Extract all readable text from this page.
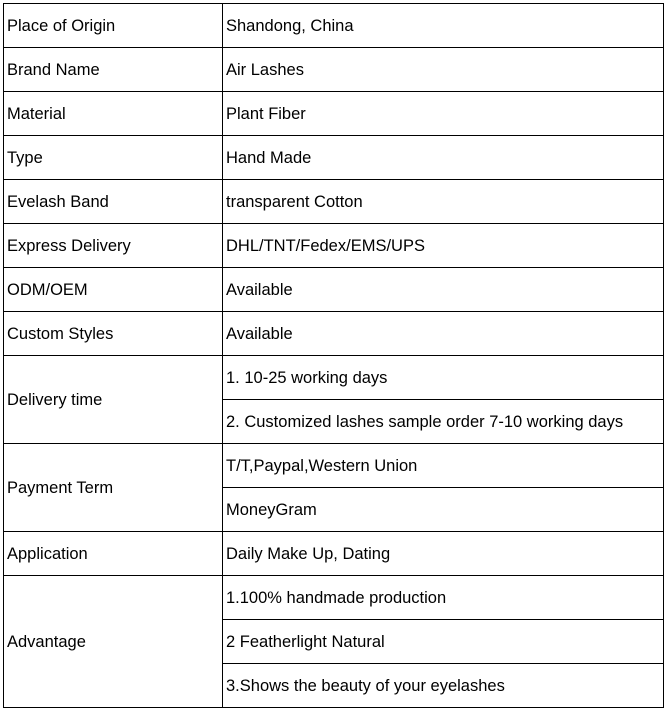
Place of Origin	Shandong, China
Brand Name	Air Lashes
Material	Plant Fiber
Type	Hand Made
Evelash Band	transparent Cotton
Express Delivery	DHL/TNT/Fedex/EMS/UPS
ODM/OEM	Available
Custom Styles	Available
Delivery time	1. 10-25 working days
	2. Customized lashes sample order 7-10 working days
Payment Term	T/T,Paypal,Western Union
	MoneyGram
Application	Daily Make Up, Dating
Advantage	1.100% handmade production
	2 Featherlight Natural
	3.Shows the beauty of your eyelashes
